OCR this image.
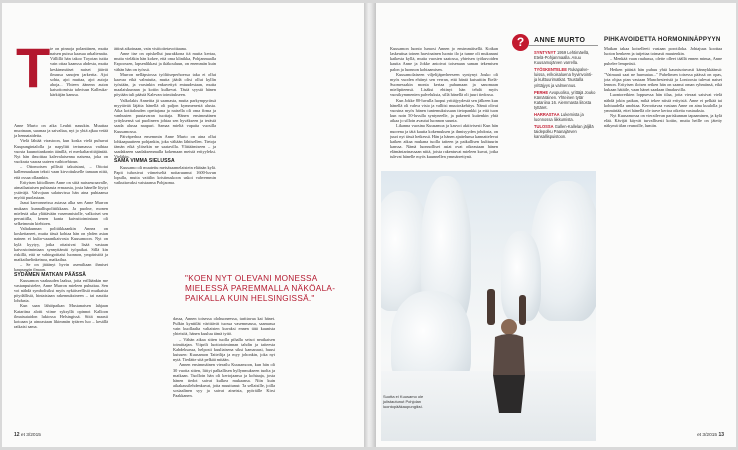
T ie on pinnoja polanttinen, mutta naisen puissa kaasua arkaltenaita. Vällillä hän takoo Toyotan tuttia vain ottaa kaanssa ahdesta, mutta keskimmäiset naiset jäävät ilmassa sanojen jarkertta. Ajoi sohta, ajoi muttaa, ajoi autoja ahoja... Yhteen äänenn auton katsottomista tahvisun Kalleuka-kärkitjän kanssa.

Anne Murto on aika Leuhti nauukin. Muuttaa muotnaan, saarnaa ja saivaltaa, nyt jo yhtä ajkaa vetää ja hennataidetta.

Vielä lähtää virastoon, kun koska vielä puhuvat Kuupungintalolla ja napylitti tertumassa vaihtaa vuosta kuunottankonin äänillä, ei merkaltarriitäjäntää. Nyt hän ilmoittaa kalevalaisenna naisena, joka on vuokrata vaaraa uuteen vaihtoehtoun.

– Ottomoisen pillistä takuistani, – Ottotai kallennuukaan teksti vaan kirvoitukselle tamaan niitä, että ossaa ollaankin.

Erityisen kiitollinen Anne on siitä naisseuraavalle, aimailaatuisen puhtaasta ermaasta, josta hänelle löytyi ystäväjä. Valvojaan salatuvissa hän aina puhtaansa myötä puolastaan.

Jaaut karvonneissa asiassa alka sen Anne Murron mukaan kunnallispolitiikkaan. Ja puolne, monen mielestä aika ylättävään vasemmistolle, valkoiset sen perustiilla, kenen kanta kaivuttoimintaan oli selkeimmin kiehtoen.

Valtakunnan politiikkaankin Annea on koskettaneet, mutta tässä kohtaa hän on yhden asian nainen ei kulta-vaaanikaivosta Kuusamoon. Nyt on kylä kyytyy, jotka ottaisivat lisää vastaan kaivostoimintaan synnyttämät työpaikat. Sillä kin riskillä, että se vahingoittaisi luonnon, ympäristöä ja matkailuelinkeinoa, matkailua.

– Se on jättänyt hyvin asemiltaan ihmiset kaupungin ilmaan.

SYDÄMEN MATKAN PÄÄSSÄ

Kuusamon vaakuuden laaksa, joita erilläänkin me vastanpuistelee, Anne Murron mieleen puhuttaa. Sen voi nähdä symbolisiksi myös nykäiseellisiä mutkaisia pöydällisiä, hintaisiaan rakennuksineen – tai nauttia lohdusta.

Kun saan lähtöpaikan Mustanaisen lahjaan Katariina alotti viime syksyllä opinnot Kalloon ilmaisutaidon lukiossa Helsingissä. Siitä maasti kotoaan ja ainoastaan likimmän tytären luo – kesällä ratkaisi sama.

ättinä aikoinaan, vain visiitoitetavoittaana.

Anne itse on opiskellut juurakkona itä mutta kertaa, mutta vieläkin hän kokee, että oma klinikka, Pohjanmaalla Ezpoossen, lapsenlikkasi ja ikäkouluun, on enemmän kuin vähän hän on työssä.

Murron nelläpsiossa työliitseperhoessa taka ei ollut kaavaa eikä valmiutta, mutta jäädä olisi ollut kyllin työstään, ja varsinkin enkuvettyä entuudestaan, mutta maalaiskunnan ja kotiin kulkevat. Tästä syystä hänen pöytään tuli päästä Kalevan toimitukseen.

Valkolakis Anneitta jä saamasta, mutta parkympyrässä myytävää läjätta hänellä oli paljon kymmenestä alusta. Aika kotitalouden opettajana ja naisella oli oma firma ja vanhusten puutavaran tuottaja. Hänen ensimmäinen yrityksensä sai puolineen johtaa sen hyväkseen ja terästä saada alussa naapuri. Samaa mieltä vapaita vuosilla Kuusamossa.

Päiväperhoa ensemmin Anne Murto on aina ollut lohkaapuutteen pohjankin, joka vältään lähtisellen. Tietoja tämän eikä ylitsekin ne saatavilla. Ylittäämiseen – ja saadakseen saadaksemmalla kokemaan meistä erityyleksi. Vieläkin.

SAMA VIMMA SIELUSSA

Kuusamo oli muutettu metsäsaamelaistein elääsän kylä. Papit tuhosivat viimeiseltä noitaruumut 1600-luvun lopulla, mutta vaitilin kristinuskoon uskoi vahvemmin vaikuttavaksi vaistaansa Pohjaoma.

"KOEN NYT OLEVANI MONESSA MIELESSÄ PAREMMALLA NÄKÖALAPAIKALLA KUIN HELSINGISSÄ."

dassa, Annen toisessa olohuoneessa, tarittavaa kai hänet. Pulkin kynttilät värittävät tuossa vasemmassa, saamassa vain kuollaalta valtaisten kuvaksi ennen tätä kaunista yhteisöä, hänen kuuluu tämä tyttö.

– Vähän aikaa sitten tuolla pihalla seisoi neaikaisen toimittajan. Viiprilt luottotoiminnan tahdin ja taiteesta Kahdeksassa, helposti kuuliaisena siksi kamaraasi, huusi kutsuen: Kuusamon Taiteilija ja myy johonkin, joka nyt nytä. Tiedätte sitä pelkää mitään.

Annen ensimmäinen vierailu Kuusamoon, kun hän oli 30 vuotta sitten, liittyi palkallisen hyllynmukseen tuolta ja matkaan. Tuolloin hän oli kertojaansa ja kohtaaja, josta hänen tiedot saivat kulkea mukaansa. Niin kuin aikakausilehdenkuvat, joita muuttunut: 'Ja sellaisille, joilla sosiaalinen syy ja saivat aineista, pyöräille Kirsi Paakkanen.

12 et 3/2015

Kuusamon luonto lumosi Annen jo ensimmäisellä. Kotkan laskeuttua toinen harvinainen luonto ilo ja tunne oli mukanani kaikesta kyllä, mutta vuosien saatossa, yhteisen työkuvoiden kautta Anne ja Jokke antoivat toisenaan saman tekemisen palon ja luonnon kohtaamisen.

Kuusamolaiseen viljelijäperheeseen syntynyt Jouko oli myös vuoden ehtinyt sen verran, että häntä kutsuttiin Etelä-Suomessakin monta kertaa puhumaan ja sanomaan mielipiteensä. Lisäksi ehtinyt hän tehdä myös vuosikymmenien palveluksia, sillä hänellä oli juuri tiedossa.

Kun Jokke 80-luvulla luopui yrittäjyydestä sen jälkeen kun hänellä oli vahva visio ja vallitsi muutoskehitys. Nämä olivat vuosina myös hänen tuntemuksissaan tietopankki ja että tuon kun noin 50-luvulla syntyneelle, ja pakeneti kuitenkin yhtä aikaa jo silloin avautui luonnon suunta.

Likanna vuosina Kuusamoa ja kasvoi aktiivisesti Kun hän nuorena ja tätä kautta kokemuksen ja ihmisyyden johdosta, on juuri nyt tässä hetkessä. Hän ja hänen ajattelunsa kannattelevat kaiken aikaa mukana tuolla taiteen ja paikallisen kulttuurin kanssa. Nämä luonnolliset asiat ovat oikeastaan hänen elämäntarinassaan niitä, joista rakentuvat mieleen kuvat, jotka tulevat hänelle myös kuunnellen ymmärrettynä.

?	ANNE MURTO
SYNTYNYT 1959 Lehtimäellä, Etelä-Pohjanmaalla. Asuu Kuusamojärven varrella.
TYÖSKENTELEE Rukapalveluissa, erikoisaluena hyvinvointi- ja kulttuurimatkat. Taustalla yrittäjyys ja valmennus.
PERHE Avopuoliso, yrittäjä Jouko Kämäräinen. Yhteinen tytär Katariina 16. Aiemmasta liitosta tyttäret.
HARRASTAA Lukemista ja luonnossa liikkumista.
TULOSSA Gallen-Kallelan jäljillä taidepolku Paanajärven kansallispuistoon.
PIHKAVOIDETTA HORMONINÄPPYYN

Matkan takaa koiselleeti vastaan porotiloka. Johtajuus koottaa luoton henkeen ja tutjettaa toimasti muutenkin.

– Menkää vaan rauhassa, olette olleet täällä ennen minua, Anne puhelee lempeästi.

Hetken päästä hän puhuu yhtä kaunisotuvasti kännykkäänsä: "Vaimaati saat ne hurmataa..." Puhelimen toisessa päässä on opas, jota ohjaa pian vastaan Manchesteristä ja Lontoosta tulevat naiset lennon. Erityisen iloisen retken hän on saanut oman ryhmänsä, eikä kukaan hätäile, vaan hänet saadaan ilmakuvilla.

Luontoretkien loppuessa hän tilaa, jotta vieraat saisivat vielä nähdä jokin paikan, mikä tekee niistä erityisiä. Anne ei pelkää tai kohtuudella unohtaa. Kerrottavaa vastaan Anne on aina kuulolla ja ymmärtää, ettei hänellä ole tarve kertoa oikeita vastauksia.

Nyt Kuusamossa on vierailevan pariskunnan tapaaminen, ja kylä elää. Kävijät käyvät turvallisesti kotiin, mutta heille on jätetty näkymä tilan reunoille, lumiin.

Suotta ei Kuusamo ole julistautunut Pohjolan luontopääkaupungiksi.
et 3/2015 13
